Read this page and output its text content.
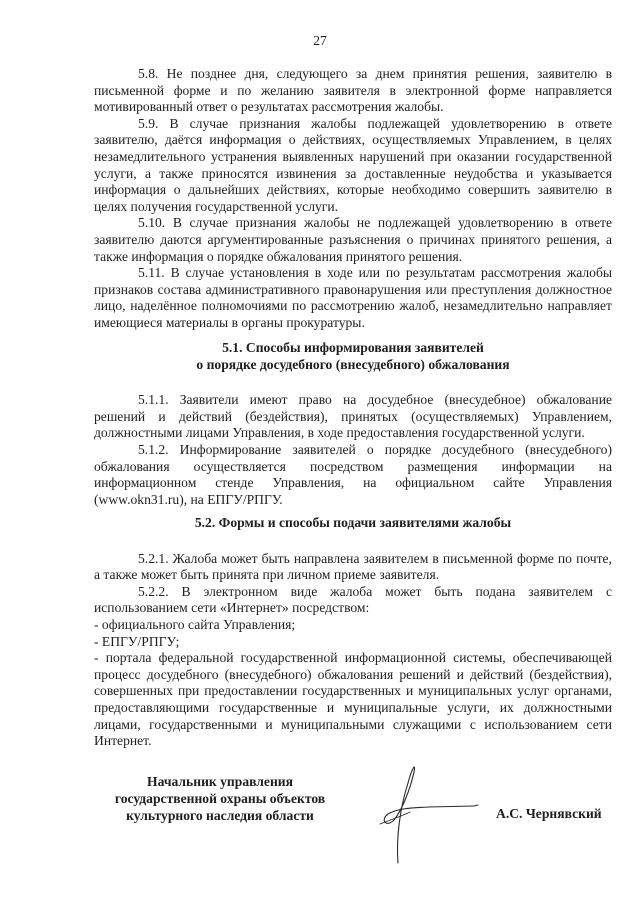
27

5.8. Не позднее дня, следующего за днем принятия решения, заявителю в письменной форме и по желанию заявителя в электронной форме направляется мотивированный ответ о результатах рассмотрения жалобы.

5.9. В случае признания жалобы подлежащей удовлетворению в ответе заявителю, даётся информация о действиях, осуществляемых Управлением, в целях незамедлительного устранения выявленных нарушений при оказании государственной услуги, а также приносятся извинения за доставленные неудобства и указывается информация о дальнейших действиях, которые необходимо совершить заявителю в целях получения государственной услуги.

5.10. В случае признания жалобы не подлежащей удовлетворению в ответе заявителю даются аргументированные разъяснения о причинах принятого решения, а также информация о порядке обжалования принятого решения.

5.11. В случае установления в ходе или по результатам рассмотрения жалобы признаков состава административного правонарушения или преступления должностное лицо, наделённое полномочиями по рассмотрению жалоб, незамедлительно направляет имеющиеся материалы в органы прокуратуры.

5.1. Способы информирования заявителей

о порядке досудебного (внесудебного) обжалования

5.1.1. Заявители имеют право на досудебное (внесудебное) обжалование решений и действий (бездействия), принятых (осуществляемых) Управлением, должностными лицами Управления, в ходе предоставления государственной услуги.

5.1.2. Информирование заявителей о порядке досудебного (внесудебного) обжалования осуществляется посредством размещения информации на информационном стенде Управления, на официальном сайте Управления (www.okn31.ru), на ЕПГУ/РПГУ.

5.2. Формы и способы подачи заявителями жалобы

5.2.1. Жалоба может быть направлена заявителем в письменной форме по почте, а также может быть принята при личном приеме заявителя.

5.2.2. В электронном виде жалоба может быть подана заявителем с использованием сети «Интернет» посредством:

- официального сайта Управления;

- ЕПГУ/РПГУ;

- портала федеральной государственной информационной системы, обеспечивающей процесс досудебного (внесудебного) обжалования решений и действий (бездействия), совершенных при предоставлении государственных и муниципальных услуг органами, предоставляющими государственные и муниципальные услуги, их должностными лицами, государственными и муниципальными служащими с использованием сети Интернет.

Начальник управления
государственной охраны объектов
культурного наследия области	А.С. Чернявский
